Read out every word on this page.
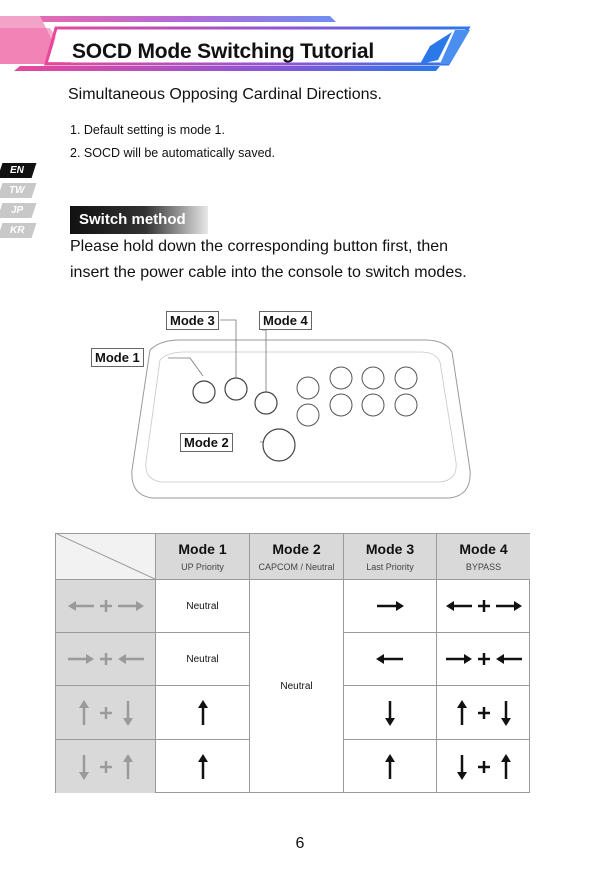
SOCD Mode Switching Tutorial
Simultaneous Opposing Cardinal Directions.
1. Default setting is mode 1.
2. SOCD will be automatically saved.
EN
TW
JP
KR
Switch method
Please hold down the corresponding button first, then
insert the power cable into the console to switch modes.
Mode 3	Mode 4
Mode 1
Mode 2
Mode 1
UP Priority
Mode 2
CAPCOM / Neutral
Mode 3
Last Priority
Mode 4
BYPASS
Neutral
Neutral
Neutral
6
